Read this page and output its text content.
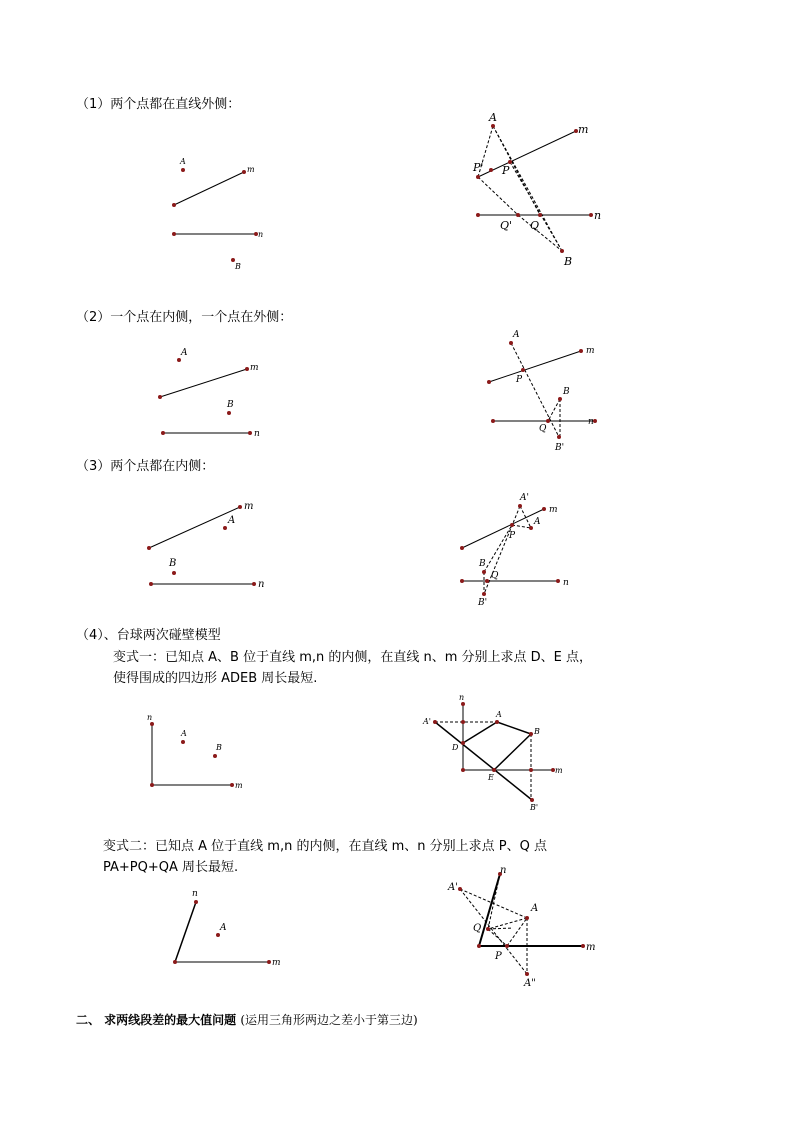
（1）两个点都在直线外侧：
（2）一个点在内侧，一个点在外侧：
（3）两个点都在内侧：
（4）、台球两次碰壁模型
变式一：已知点 A、B 位于直线 m,n 的内侧，在直线 n、m 分别上求点 D、E 点，
使得围成的四边形 ADEB 周长最短.
变式二：已知点 A 位于直线 m,n 的内侧，在直线 m、n 分别上求点 P、Q 点
PA+PQ+QA 周长最短.
二、 求两线段差的最大值问题 (运用三角形两边之差小于第三边)
A
m
n
B
A
m
P' P
n
Q' Q
B
A
m
B
n
A
m
P
B
Q
n
B'
m
A
B
n
A'
m
A
P
B
Q
n
B'
n
A
B
m
n
A'
A
B
D
E
m
B'
n
A
m
n
A'
A
Q
P
m
A"
